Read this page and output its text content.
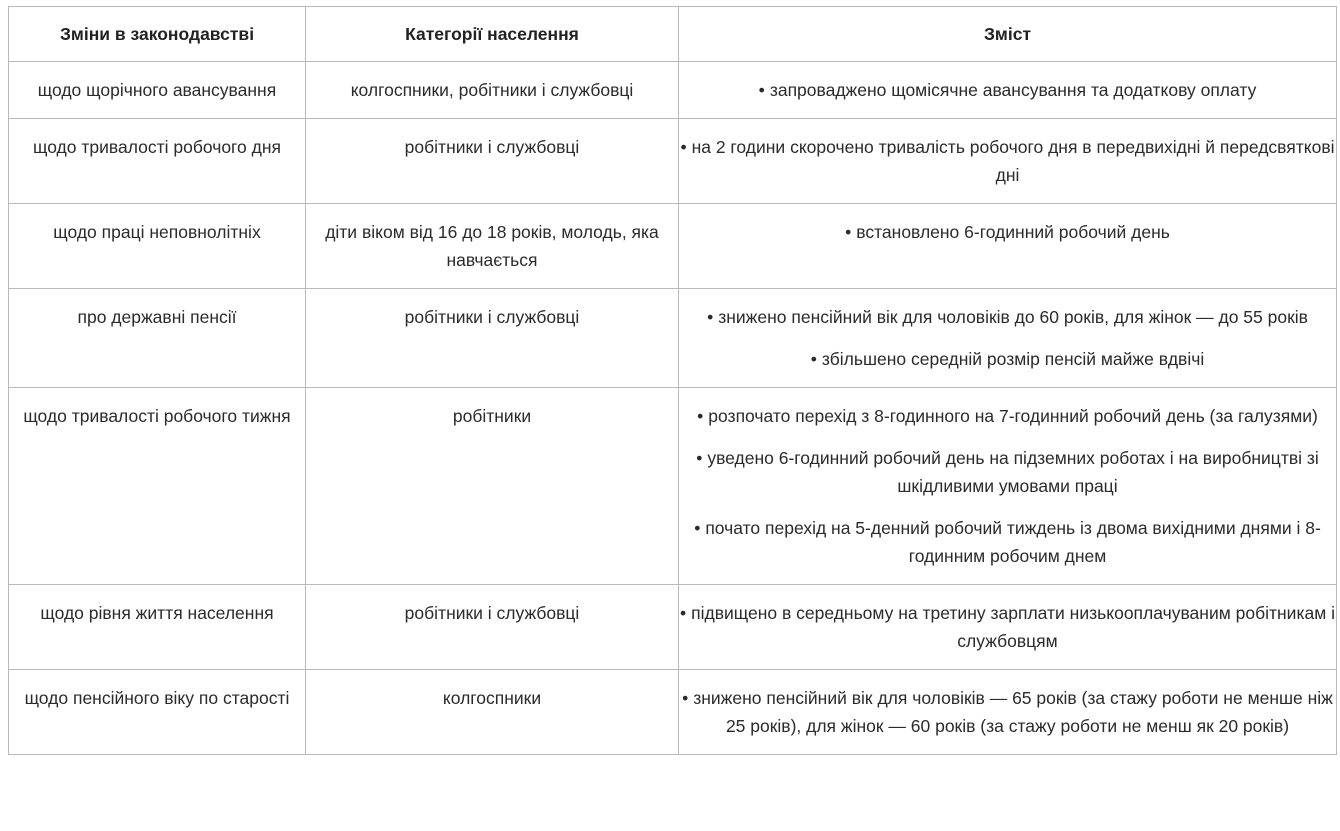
Зміни в законодавстві	Категорії населення	Зміст
щодо щорічного авансування	колгоспники, робітники і службовці	• запроваджено щомісячне авансування та додаткову оплату

щодо тривалості робочого дня	робітники і службовці	• на 2 години скорочено тривалість робочого дня в передвихідні й передсвяткові дні

щодо праці неповнолітніх	діти віком від 16 до 18 років, молодь, яка навчається	• встановлено 6-годинний робочий день

про державні пенсії	робітники і службовці	• знижено пенсійний вік для чоловіків до 60 років, для жінок — до 55 років
• збільшено середній розмір пенсій майже вдвічі

щодо тривалості робочого тижня	робітники	• розпочато перехід з 8-годинного на 7-годинний робочий день (за галузями)
• уведено 6-годинний робочий день на підземних роботах і на виробництві зі шкідливими умовами праці
• почато перехід на 5-денний робочий тиждень із двома вихідними днями і 8-годинним робочим днем

щодо рівня життя населення	робітники і службовці	• підвищено в середньому на третину зарплати низькооплачуваним робітникам і службовцям

щодо пенсійного віку по старості	колгоспники	• знижено пенсійний вік для чоловіків — 65 років (за стажу роботи не менше ніж 25 років), для жінок — 60 років (за стажу роботи не менш як 20 років)
